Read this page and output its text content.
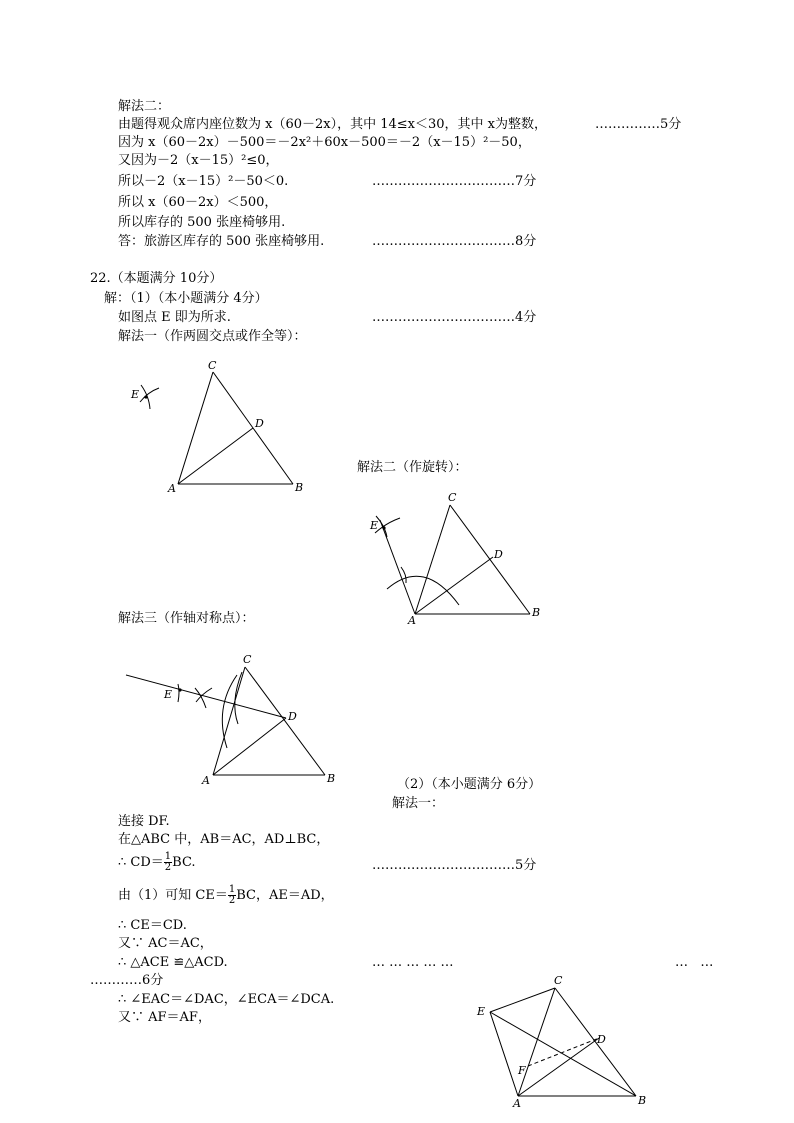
解法二：
由题得观众席内座位数为 x（60－2x），其中 14≤x＜30，其中 x为整数，	……………5分
因为 x（60－2x）－500＝－2x²＋60x－500＝－2（x－15）²－50，
又因为－2（x－15）²≤0，
所以－2（x－15）²－50＜0.	……………………………7分
所以 x（60－2x）＜500，
所以库存的 500 张座椅够用.
答：旅游区库存的 500 张座椅够用.	……………………………8分
22.（本题满分 10分）
解：（1）（本小题满分 4分）
如图点 E 即为所求.	……………………………4分
解法一（作两圆交点或作全等）：
C
D
A	B
E
解法二（作旋转）：
C
D
A
B
E
解法三（作轴对称点）：
C
D
A	B
E
（2）（本小题满分 6分）
解法一：
连接 DF.
在△ABC 中，AB＝AC，AD⊥BC，
∴ $CD= \frac{1}{2}$ BC.	……………………………5分
由（1）可知 $CE= \frac{1}{2}$ BC，AE＝AD，
∴ CE＝CD.
又∵ AC＝AC，
∴ △ACE ≌△ACD.	… … … … …	…   …
…………6分
∴ ∠EAC＝∠DAC，∠ECA＝∠DCA.
又∵ AF＝AF，
C
D
A	B
E
F
